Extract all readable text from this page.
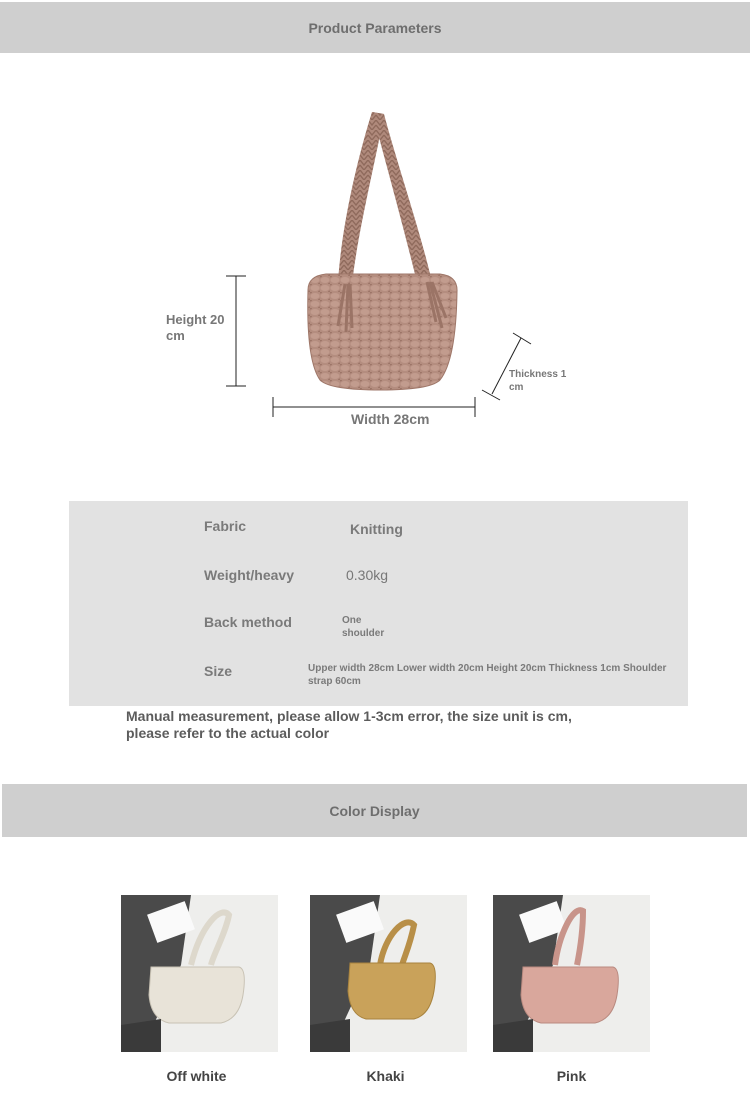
Product Parameters
Height 20 cm
Width 28cm
Thickness 1 cm
Fabric	Knitting
Weight/heavy	0.30kg
Back method	One shoulder
Size	Upper width 28cm Lower width 20cm Height 20cm Thickness 1cm Shoulder strap 60cm
Manual measurement, please allow 1-3cm error, the size unit is cm, please refer to the actual color
Color Display
Off white	Khaki	Pink
